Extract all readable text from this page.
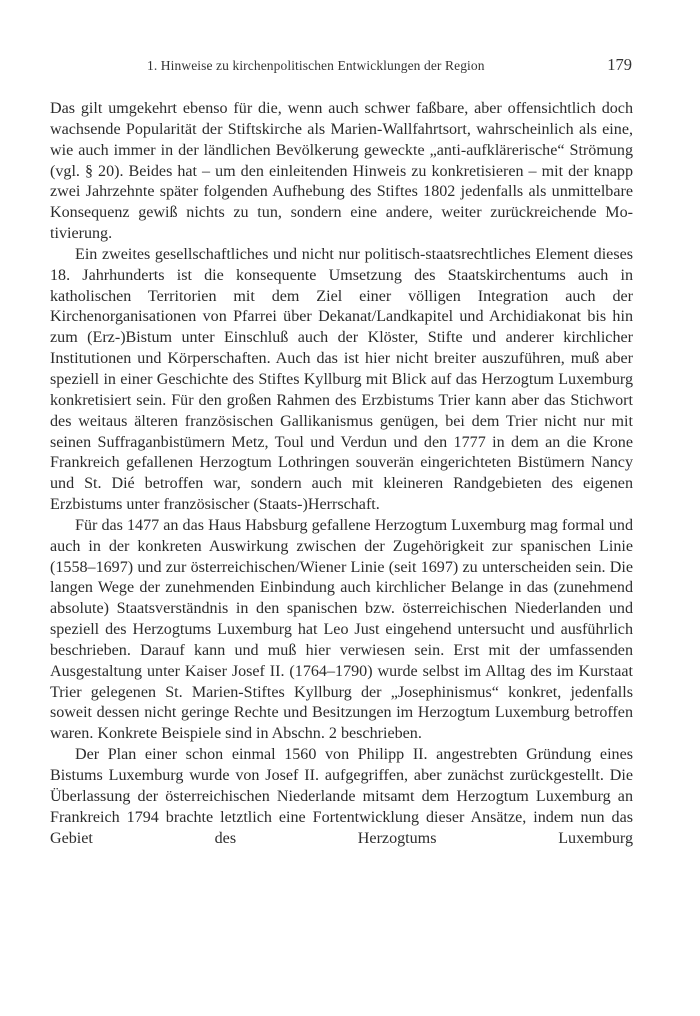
1. Hinweise zu kirchenpolitischen Entwicklungen der Region	179

Das gilt umgekehrt ebenso für die, wenn auch schwer faßbare, aber offensichtlich doch wachsende Popularität der Stiftskirche als Marien-Wallfahrtsort, wahrscheinlich als eine, wie auch immer in der ländlichen Bevölkerung geweckte „anti-aufklärerische“ Strömung (vgl. § 20). Beides hat – um den einleitenden Hinweis zu konkretisieren – mit der knapp zwei Jahrzehnte später folgenden Aufhebung des Stiftes 1802 jedenfalls als unmittelbare Konsequenz gewiß nichts zu tun, sondern eine andere, weiter zurückreichende Motivierung.

Ein zweites gesellschaftliches und nicht nur politisch-staatsrechtliches Element dieses 18. Jahrhunderts ist die konsequente Umsetzung des Staatskirchentums auch in katholischen Territorien mit dem Ziel einer völligen Integration auch der Kirchenorganisationen von Pfarrei über Dekanat/Landkapitel und Archidiakonat bis hin zum (Erz-)Bistum unter Einschluß auch der Klöster, Stifte und anderer kirchlicher Institutionen und Körperschaften. Auch das ist hier nicht breiter auszuführen, muß aber speziell in einer Geschichte des Stiftes Kyllburg mit Blick auf das Herzogtum Luxemburg konkretisiert sein. Für den großen Rahmen des Erzbistums Trier kann aber das Stichwort des weitaus älteren französischen Gallikanismus genügen, bei dem Trier nicht nur mit seinen Suffraganbistümern Metz, Toul und Verdun und den 1777 in dem an die Krone Frankreich gefallenen Herzogtum Lothringen souverän eingerichteten Bistümern Nancy und St. Dié betroffen war, sondern auch mit kleineren Randgebieten des eigenen Erzbistums unter französischer (Staats-)Herrschaft.

Für das 1477 an das Haus Habsburg gefallene Herzogtum Luxemburg mag formal und auch in der konkreten Auswirkung zwischen der Zugehörigkeit zur spanischen Linie (1558–1697) und zur österreichischen/Wiener Linie (seit 1697) zu unterscheiden sein. Die langen Wege der zunehmenden Einbindung auch kirchlicher Belange in das (zunehmend absolute) Staatsverständnis in den spanischen bzw. österreichischen Niederlanden und speziell des Herzogtums Luxemburg hat Leo Just eingehend untersucht und ausführlich beschrieben. Darauf kann und muß hier verwiesen sein. Erst mit der umfassenden Ausgestaltung unter Kaiser Josef II. (1764–1790) wurde selbst im Alltag des im Kurstaat Trier gelegenen St. Marien-Stiftes Kyllburg der „Josephinismus“ konkret, jedenfalls soweit dessen nicht geringe Rechte und Besitzungen im Herzogtum Luxemburg betroffen waren. Konkrete Beispiele sind in Abschn. 2 beschrieben.

Der Plan einer schon einmal 1560 von Philipp II. angestrebten Gründung eines Bistums Luxemburg wurde von Josef II. aufgegriffen, aber zunächst zurückgestellt. Die Überlassung der österreichischen Niederlande mitsamt dem Herzogtum Luxemburg an Frankreich 1794 brachte letztlich eine Fortentwicklung dieser Ansätze, indem nun das Gebiet des Herzogtums Luxemburg
